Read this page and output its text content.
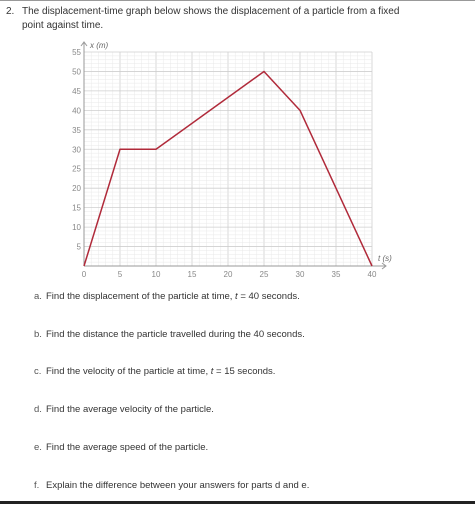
2. The displacement-time graph below shows the displacement of a particle from a fixed
point against time.
0	5	10	15	20	25	30	35	40
5
10
15
20
25
30
35
40
45
50
55
x (m)
t (s)
a. Find the displacement of the particle at time, t = 40 seconds.
b. Find the distance the particle travelled during the 40 seconds.
c. Find the velocity of the particle at time, t = 15 seconds.
d. Find the average velocity of the particle.
e. Find the average speed of the particle.
f. Explain the difference between your answers for parts d and e.
